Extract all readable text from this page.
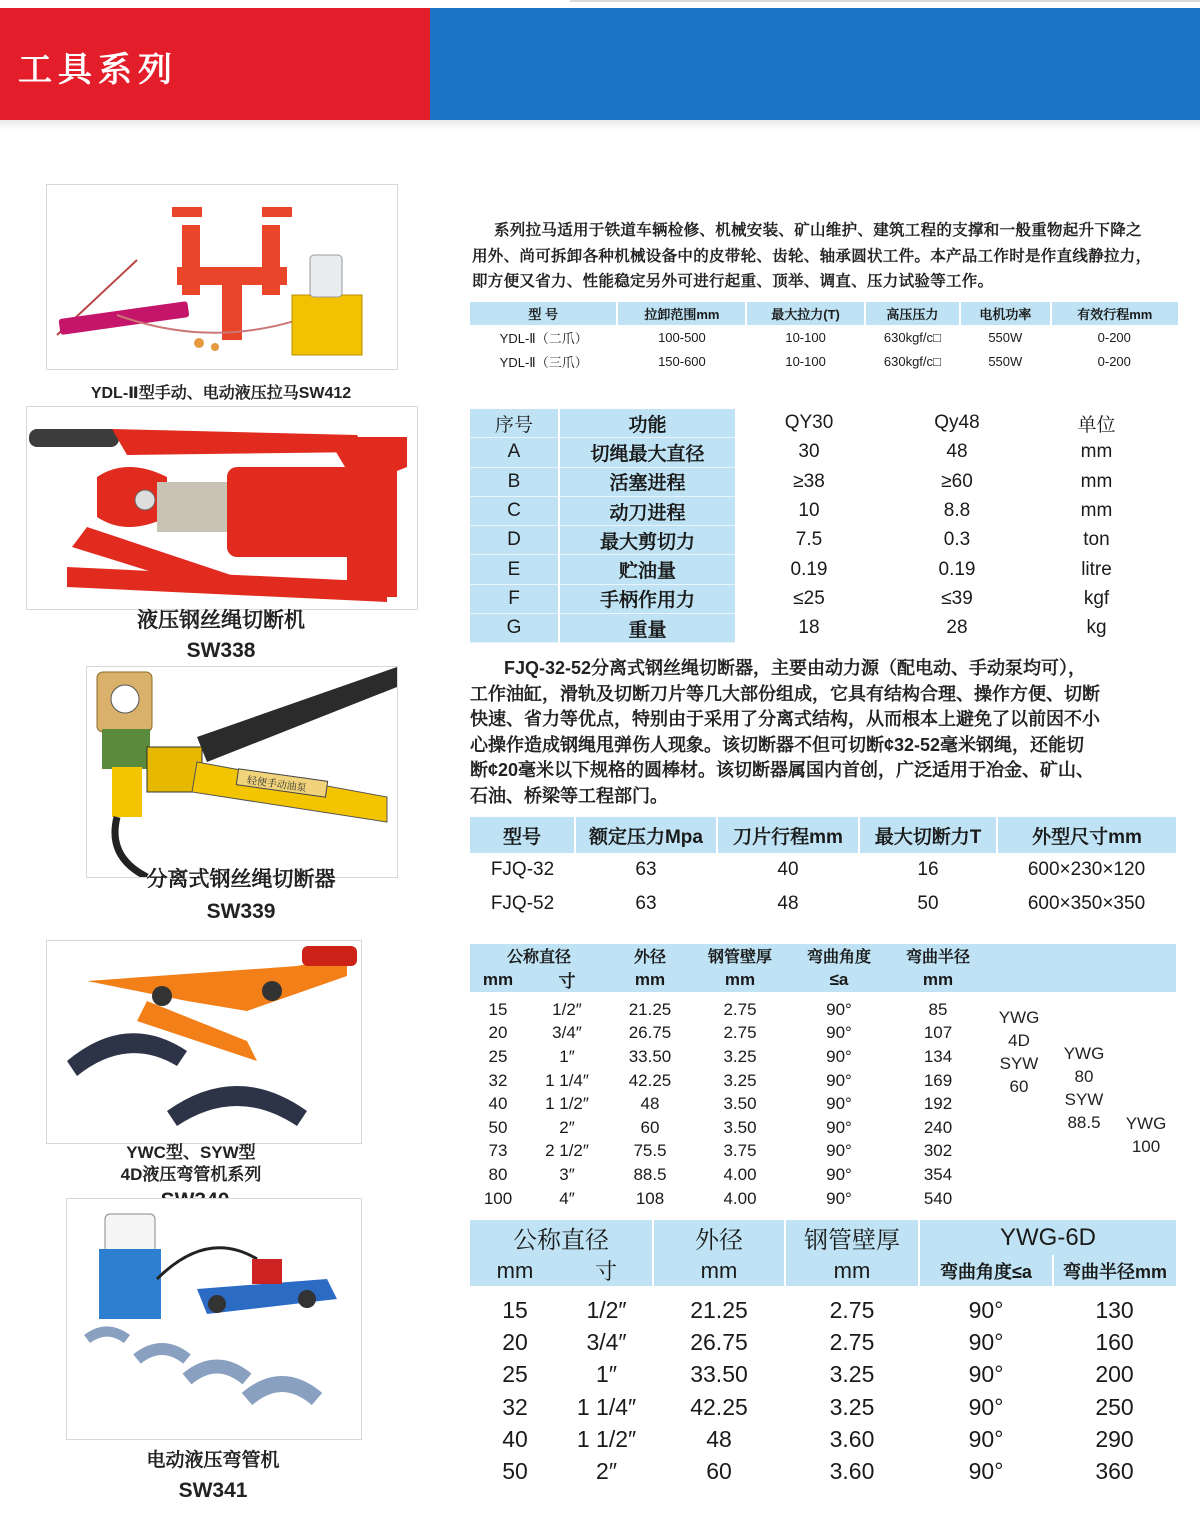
工具系列
YDL-Ⅱ型手动、电动液压拉马SW412
液压钢丝绳切断机
SW338
轻便手动油泵
分离式钢丝绳切断器
SW339
YWC型、SYW型
4D液压弯管机系列
电动液压弯管机
SW341
系列拉马适用于铁道车辆检修、机械安装、矿山维护、建筑工程的支撑和一般重物起升下降之
用外、尚可拆卸各种机械设备中的皮带轮、齿轮、轴承圆状工件。本产品工作时是作直线静拉力，
即方便又省力、性能稳定另外可进行起重、顶举、调直、压力试验等工作。
型 号	拉卸范围mm	最大拉力(T)	高压压力	电机功率	有效行程mm
YDL-Ⅱ（二爪）	100-500	10-100	630kgf/c□	550W	0-200
YDL-Ⅱ（三爪）	150-600	10-100	630kgf/c□	550W	0-200
序号	功能	QY30	Qy48	单位
A	切绳最大直径	30	48	mm
B	活塞进程	≥38	≥60	mm
C	动刀进程	10	8.8	mm
D	最大剪切力	7.5	0.3	ton
E	贮油量	0.19	0.19	litre
F	手柄作用力	≤25	≤39	kgf
G	重量	18	28	kg
FJQ-32-52分离式钢丝绳切断器，主要由动力源（配电动、手动泵均可），
工作油缸，滑轨及切断刀片等几大部份组成，它具有结构合理、操作方便、切断
快速、省力等优点，特别由于采用了分离式结构，从而根本上避免了以前因不小
心操作造成钢绳甩弹伤人现象。该切断器不但可切断¢32-52毫米钢绳，还能切
断¢20毫米以下规格的圆棒材。该切断器属国内首创，广泛适用于冶金、矿山、
石油、桥梁等工程部门。
型号	额定压力Mpa	刀片行程mm	最大切断力T	外型尺寸mm
FJQ-32	63	40	16	600×230×120
FJQ-52	63	48	50	600×350×350
公称直径		外径	钢管壁厚	弯曲角度	弯曲半径
mm	寸	mm	mm	≤a	mm
15	1/2″	21.25	2.75	90°	85
20	3/4″	26.75	2.75	90°	107
25	1″	33.50	3.25	90°	134
32	1 1/4″	42.25	3.25	90°	169
40	1 1/2″	48	3.50	90°	192
50	2″	60	3.50	90°	240
73	2 1/2″	75.5	3.75	90°	302
80	3″	88.5	4.00	90°	354
100	4″	108	4.00	90°	540
YWG
4D
SYW
60
YWG
80
SYW
88.5	YWG
100
公称直径		外径	钢管壁厚	YWG-6D	
mm	寸	mm	mm	弯曲角度≤a	弯曲半径mm
15	1/2″	21.25	2.75	90°	130
20	3/4″	26.75	2.75	90°	160
25	1″	33.50	3.25	90°	200
32	1 1/4″	42.25	3.25	90°	250
40	1 1/2″	48	3.60	90°	290
50	2″	60	3.60	90°	360
